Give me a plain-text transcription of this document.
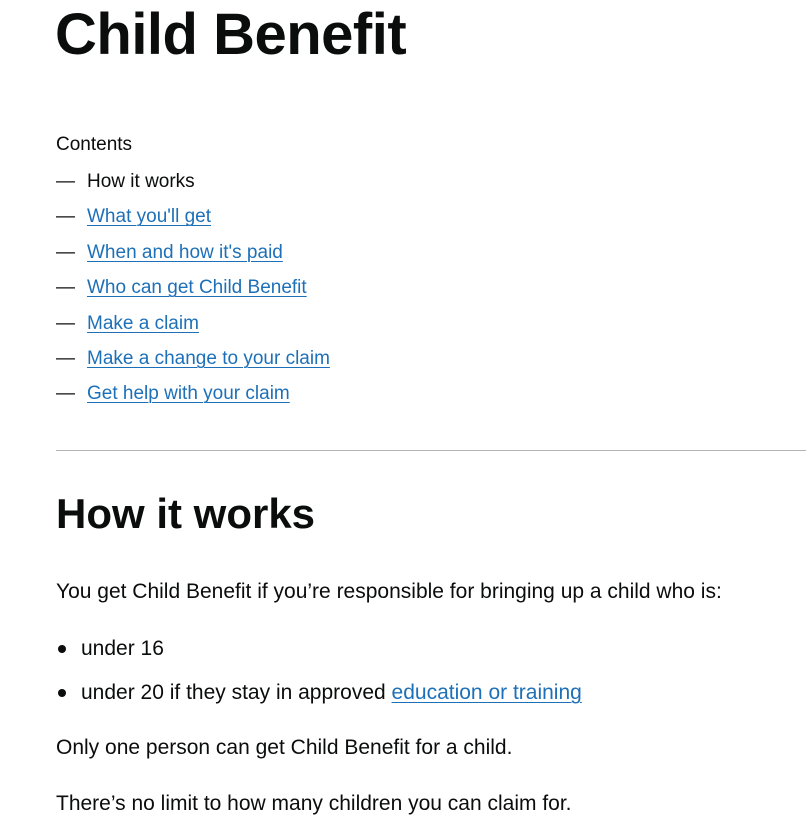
Child Benefit
Contents
— How it works
— What you'll get
— When and how it's paid
— Who can get Child Benefit
— Make a claim
— Make a change to your claim
— Get help with your claim
How it works

You get Child Benefit if you’re responsible for bringing up a child who is:

under 16
under 20 if they stay in approved education or training

Only one person can get Child Benefit for a child.

There’s no limit to how many children you can claim for.
